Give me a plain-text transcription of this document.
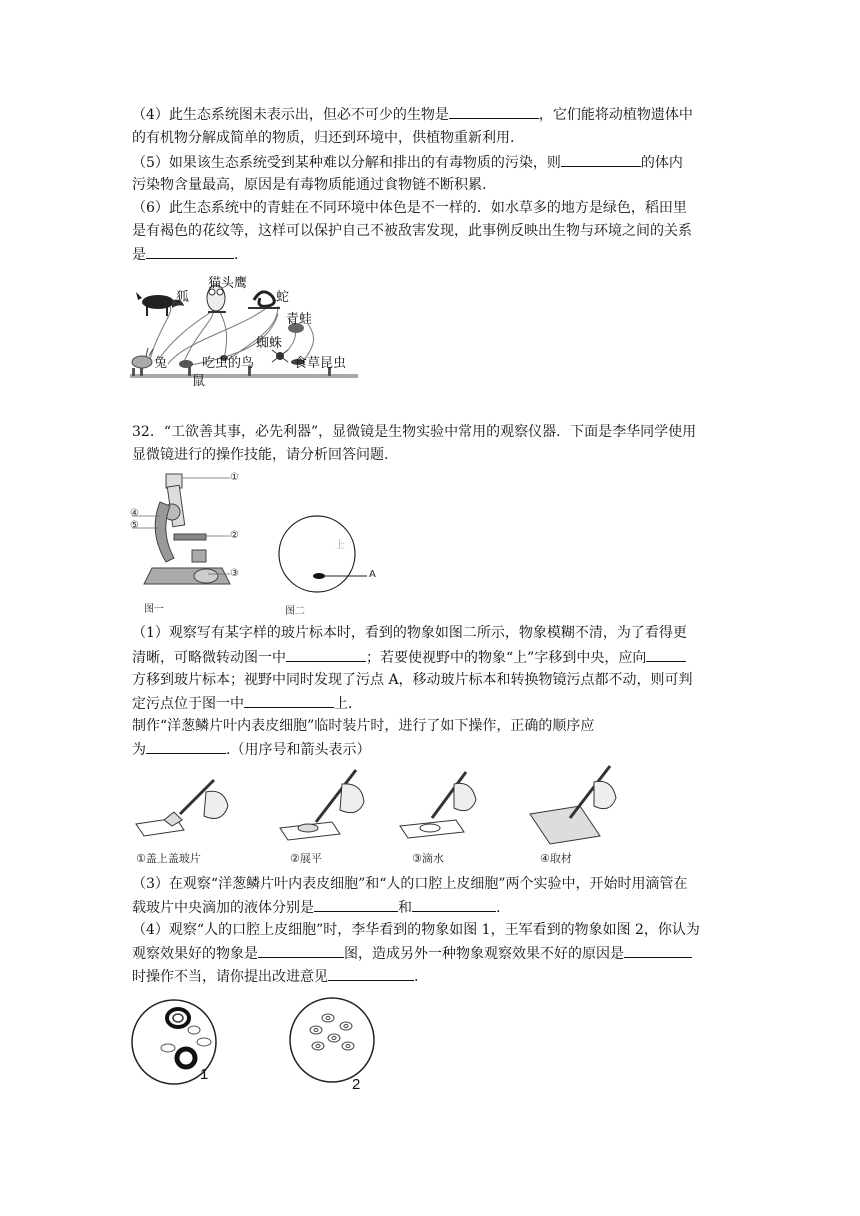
（4）此生态系统图未表示出，但必不可少的生物是	，它们能将动植物遗体中
的有机物分解成简单的物质，归还到环境中，供植物重新利用.
（5）如果该生态系统受到某种难以分解和排出的有毒物质的污染，则	的体内
污染物含量最高，原因是有毒物质能通过食物链不断积累.
（6）此生态系统中的青蛙在不同环境中体色是不一样的．如水草多的地方是绿色，稻田里
是有褐色的花纹等，这样可以保护自己不被敌害发现，此事例反映出生物与环境之间的关系
是	.
狐
猫头鹰
蛇
青蛙
蜘蛛
兔
鼠
吃虫的鸟	食草昆虫
32．“工欲善其事，必先利器”，显微镜是生物实验中常用的观察仪器．下面是李华同学使用
显微镜进行的操作技能，请分析回答问题.
①
②
③
④
⑤
图一
上
A
图二
（1）观察写有某字样的玻片标本时，看到的物象如图二所示，物象模糊不清，为了看得更
清晰，可略微转动图一中	；若要使视野中的物象“上”字移到中央，应向
方移到玻片标本；视野中同时发现了污点 A，移动玻片标本和转换物镜污点都不动，则可判
定污点位于图一中	上.
制作“洋葱鳞片叶内表皮细胞”临时装片时，进行了如下操作，正确的顺序应
为	.（用序号和箭头表示）
①盖上盖玻片	②展平	③滴水	④取材
（3）在观察“洋葱鳞片叶内表皮细胞”和“人的口腔上皮细胞”两个实验中，开始时用滴管在
载玻片中央滴加的液体分别是	和	.
（4）观察“人的口腔上皮细胞”时，李华看到的物象如图 1，王军看到的物象如图 2，你认为
观察效果好的物象是	图，造成另外一种物象观察效果不好的原因是
时操作不当，请你提出改进意见	.
1
2
